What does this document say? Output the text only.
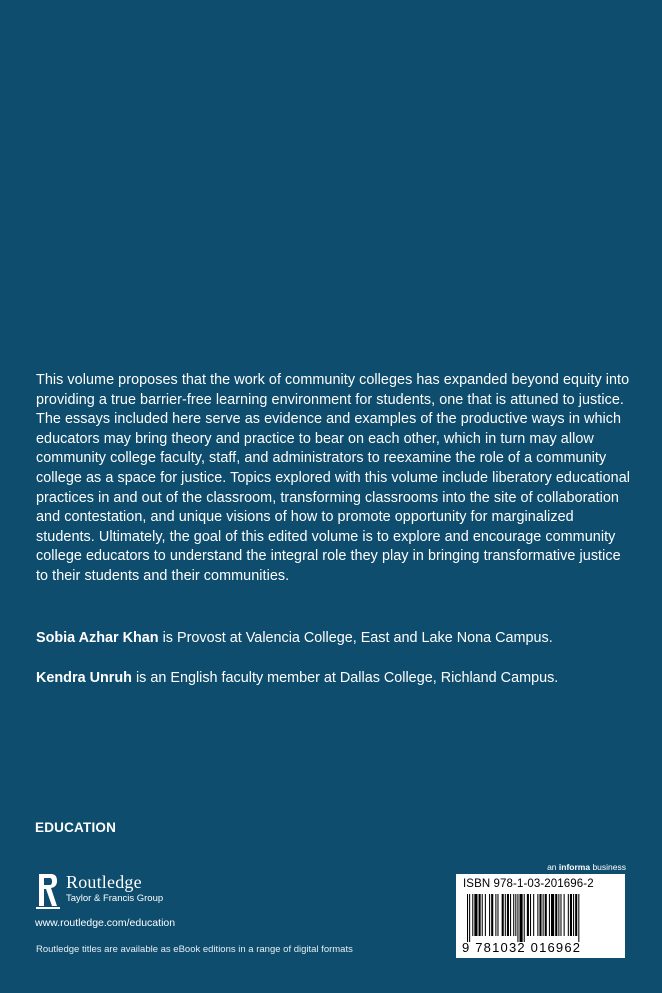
This volume proposes that the work of community colleges has expanded beyond equity into providing a true barrier-free learning environment for students, one that is attuned to justice. The essays included here serve as evidence and examples of the productive ways in which educators may bring theory and practice to bear on each other, which in turn may allow community college faculty, staff, and administrators to reexamine the role of a community college as a space for justice. Topics explored with this volume include liberatory educational practices in and out of the classroom, transforming classrooms into the site of collaboration and contestation, and unique visions of how to promote opportunity for marginalized students. Ultimately, the goal of this edited volume is to explore and encourage community college educators to understand the integral role they play in bringing transformative justice to their students and their communities.

Sobia Azhar Khan is Provost at Valencia College, East and Lake Nona Campus.

Kendra Unruh is an English faculty member at Dallas College, Richland Campus.

EDUCATION
Routledge
Taylor & Francis Group
www.routledge.com/education
Routledge titles are available as eBook editions in a range of digital formats
an informa business
ISBN 978-1-03-201696-2
9 781032 016962
